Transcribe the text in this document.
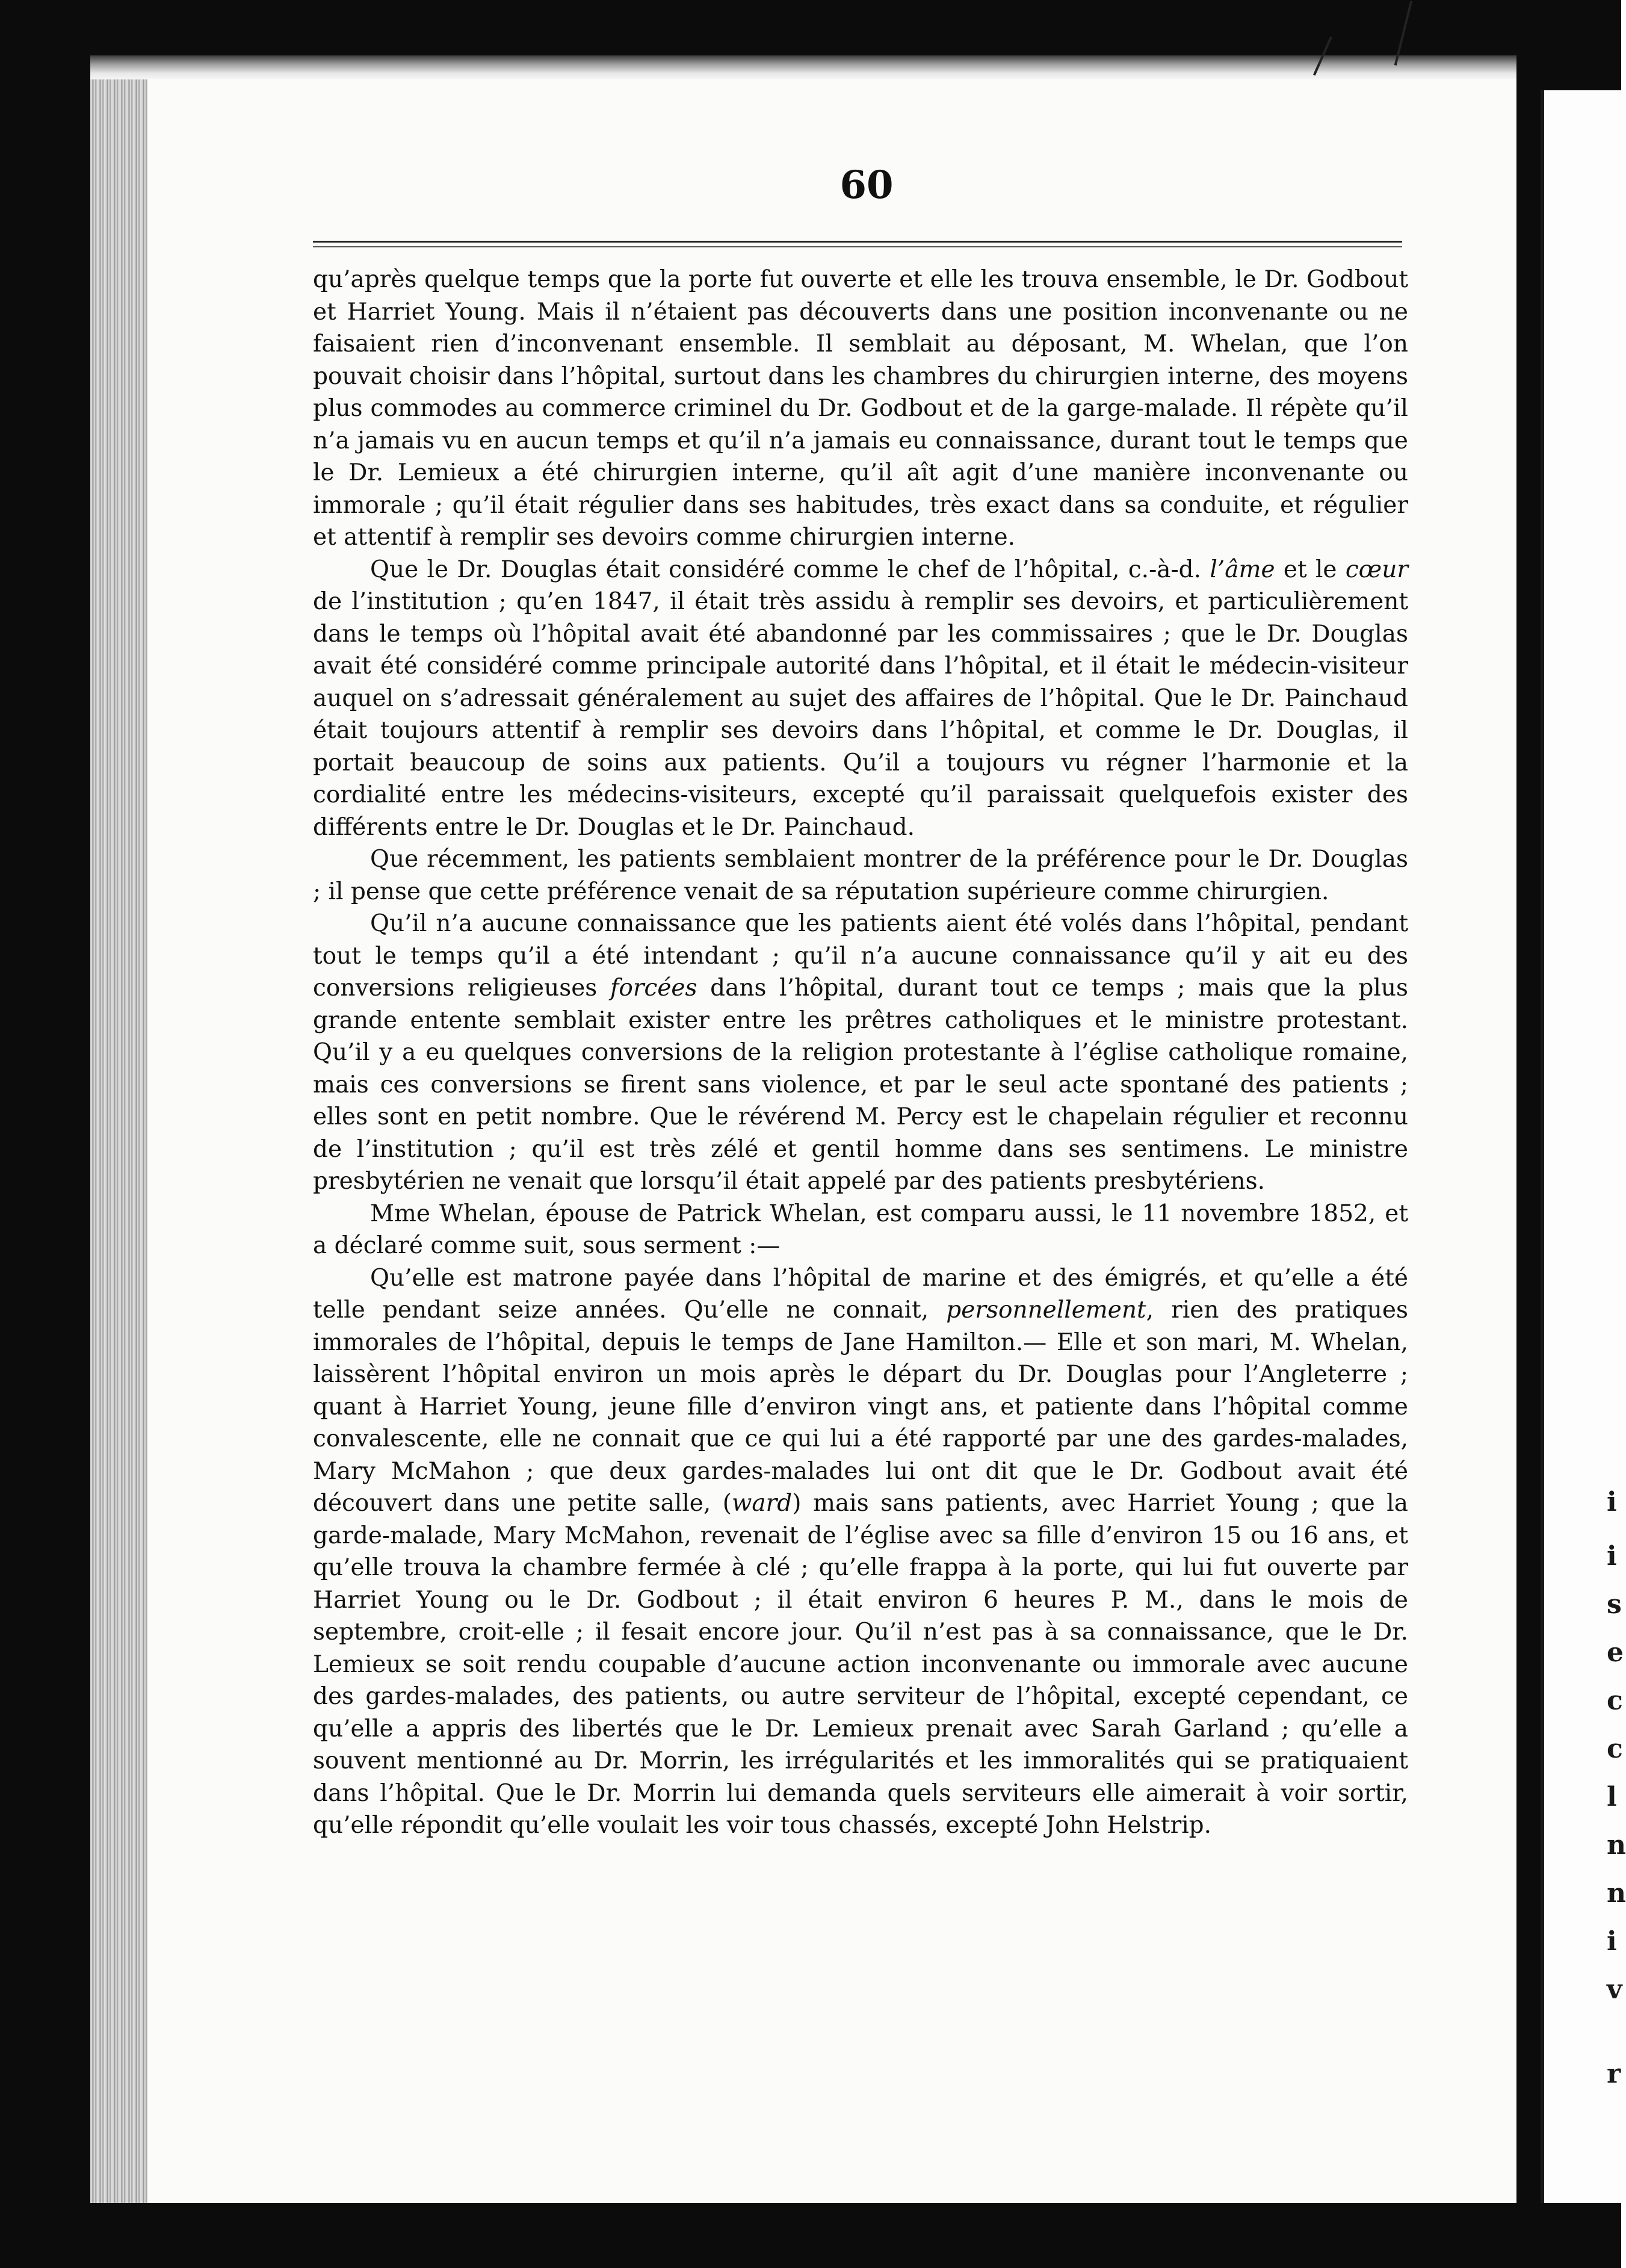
i
i
s
e
c
c
l
n
n
i
v
r
60

qu’après quelque temps que la porte fut ouverte et elle les trouva ensemble, le Dr. Godbout et Harriet Young. Mais il n’étaient pas découverts dans une position inconvenante ou ne faisaient rien d’inconvenant ensemble. Il semblait au déposant, M. Whelan, que l’on pouvait choisir dans l’hôpital, surtout dans les chambres du chirurgien interne, des moyens plus commodes au commerce criminel du Dr. Godbout et de la garge-malade. Il répète qu’il n’a jamais vu en aucun temps et qu’il n’a jamais eu connaissance, durant tout le temps que le Dr. Lemieux a été chirurgien interne, qu’il aît agit d’une manière inconvenante ou immorale ; qu’il était régulier dans ses habitudes, très exact dans sa conduite, et régulier et attentif à remplir ses devoirs comme chirurgien interne.

Que le Dr. Douglas était considéré comme le chef de l’hôpital, c.-à-d. l’âme et le cœur de l’institution ; qu’en 1847, il était très assidu à remplir ses devoirs, et particulièrement dans le temps où l’hôpital avait été abandonné par les commissaires ; que le Dr. Douglas avait été considéré comme principale autorité dans l’hôpital, et il était le médecin-visiteur auquel on s’adressait généralement au sujet des affaires de l’hôpital. Que le Dr. Painchaud était toujours attentif à remplir ses devoirs dans l’hôpital, et comme le Dr. Douglas, il portait beaucoup de soins aux patients. Qu’il a toujours vu régner l’harmonie et la cordialité entre les médecins-visiteurs, excepté qu’il paraissait quelquefois exister des différents entre le Dr. Douglas et le Dr. Painchaud.

Que récemment, les patients semblaient montrer de la préférence pour le Dr. Douglas ; il pense que cette préférence venait de sa réputation supérieure comme chirurgien.

Qu’il n’a aucune connaissance que les patients aient été volés dans l’hôpital, pendant tout le temps qu’il a été intendant ; qu’il n’a aucune connaissance qu’il y ait eu des conversions religieuses forcées dans l’hôpital, durant tout ce temps ; mais que la plus grande entente semblait exister entre les prêtres catholiques et le ministre protestant. Qu’il y a eu quelques conversions de la religion protestante à l’église catholique romaine, mais ces conversions se firent sans violence, et par le seul acte spontané des patients ; elles sont en petit nombre. Que le révérend M. Percy est le chapelain régulier et reconnu de l’institution ; qu’il est très zélé et gentil homme dans ses sentimens. Le ministre presbytérien ne venait que lorsqu’il était appelé par des patients presbytériens.

Mme Whelan, épouse de Patrick Whelan, est comparu aussi, le 11 novembre 1852, et a déclaré comme suit, sous serment :—

Qu’elle est matrone payée dans l’hôpital de marine et des émigrés, et qu’elle a été telle pendant seize années. Qu’elle ne connait, personnellement, rien des pratiques immorales de l’hôpital, depuis le temps de Jane Hamilton.— Elle et son mari, M. Whelan, laissèrent l’hôpital environ un mois après le départ du Dr. Douglas pour l’Angleterre ; quant à Harriet Young, jeune fille d’environ vingt ans, et patiente dans l’hôpital comme convalescente, elle ne connait que ce qui lui a été rapporté par une des gardes-malades, Mary McMahon ; que deux gardes-malades lui ont dit que le Dr. Godbout avait été découvert dans une petite salle, (ward) mais sans patients, avec Harriet Young ; que la garde-malade, Mary McMahon, revenait de l’église avec sa fille d’environ 15 ou 16 ans, et qu’elle trouva la chambre fermée à clé ; qu’elle frappa à la porte, qui lui fut ouverte par Harriet Young ou le Dr. Godbout ; il était environ 6 heures P. M., dans le mois de septembre, croit-elle ; il fesait encore jour. Qu’il n’est pas à sa connaissance, que le Dr. Lemieux se soit rendu coupable d’aucune action inconvenante ou immorale avec aucune des gardes-malades, des patients, ou autre serviteur de l’hôpital, excepté cependant, ce qu’elle a appris des libertés que le Dr. Lemieux prenait avec Sarah Garland ; qu’elle a souvent mentionné au Dr. Morrin, les irrégularités et les immoralités qui se pratiquaient dans l’hôpital. Que le Dr. Morrin lui demanda quels serviteurs elle aimerait à voir sortir, qu’elle répondit qu’elle voulait les voir tous chassés, excepté John Helstrip.
